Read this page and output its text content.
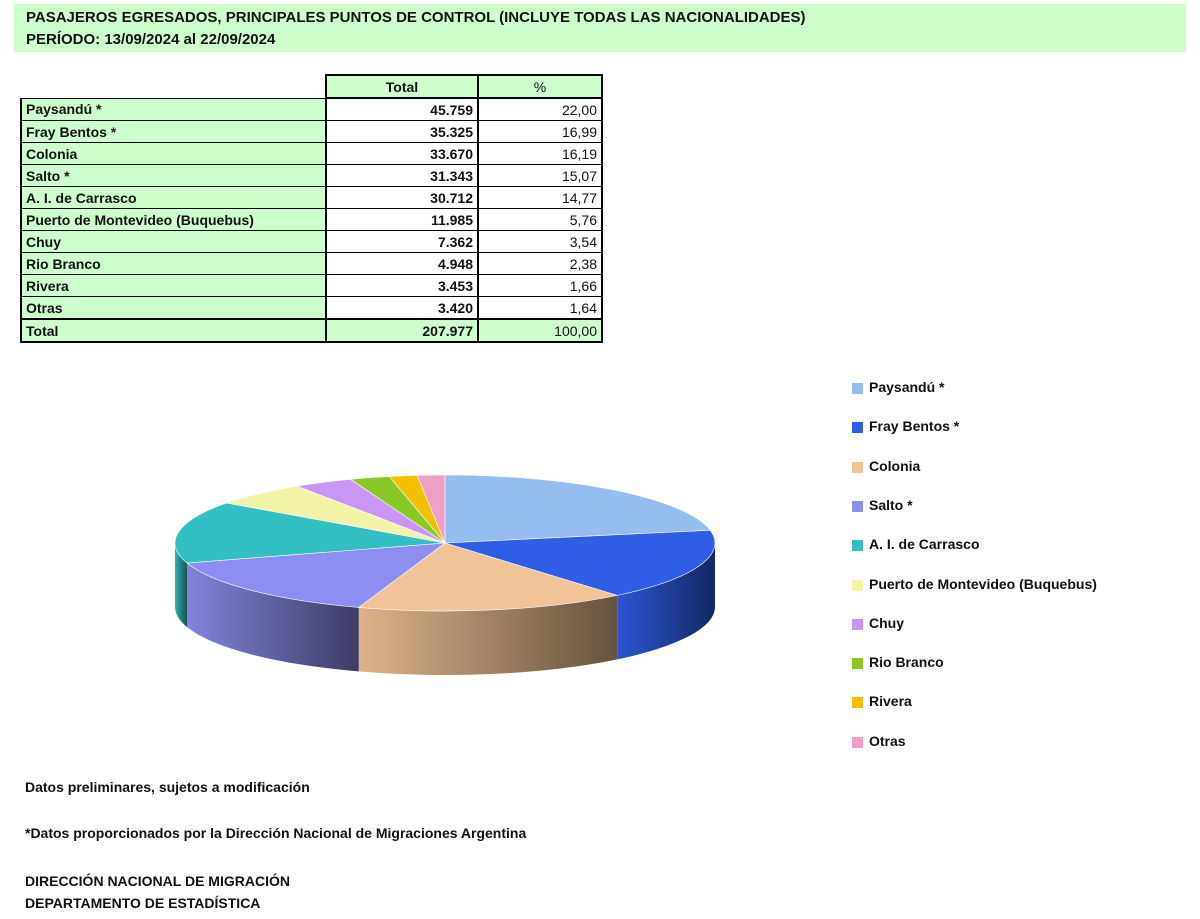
PASAJEROS EGRESADOS, PRINCIPALES PUNTOS DE CONTROL (INCLUYE TODAS LAS NACIONALIDADES)
PERÍODO: 13/09/2024 al 22/09/2024
	Total	%
Paysandú *	45.759	22,00
Fray Bentos *	35.325	16,99
Colonia	33.670	16,19
Salto *	31.343	15,07
A. I. de Carrasco	30.712	14,77
Puerto de Montevideo (Buquebus)	11.985	5,76
Chuy	7.362	3,54
Rio Branco	4.948	2,38
Rivera	3.453	1,66
Otras	3.420	1,64
Total	207.977	100,00
Paysandú *
Fray Bentos *
Colonia
Salto *
A. I. de Carrasco
Puerto de Montevideo (Buquebus)
Chuy
Rio Branco
Rivera
Otras
Datos preliminares, sujetos a modificación
*Datos proporcionados por la Dirección Nacional de Migraciones Argentina
DIRECCIÓN NACIONAL DE MIGRACIÓN
DEPARTAMENTO DE ESTADÍSTICA
